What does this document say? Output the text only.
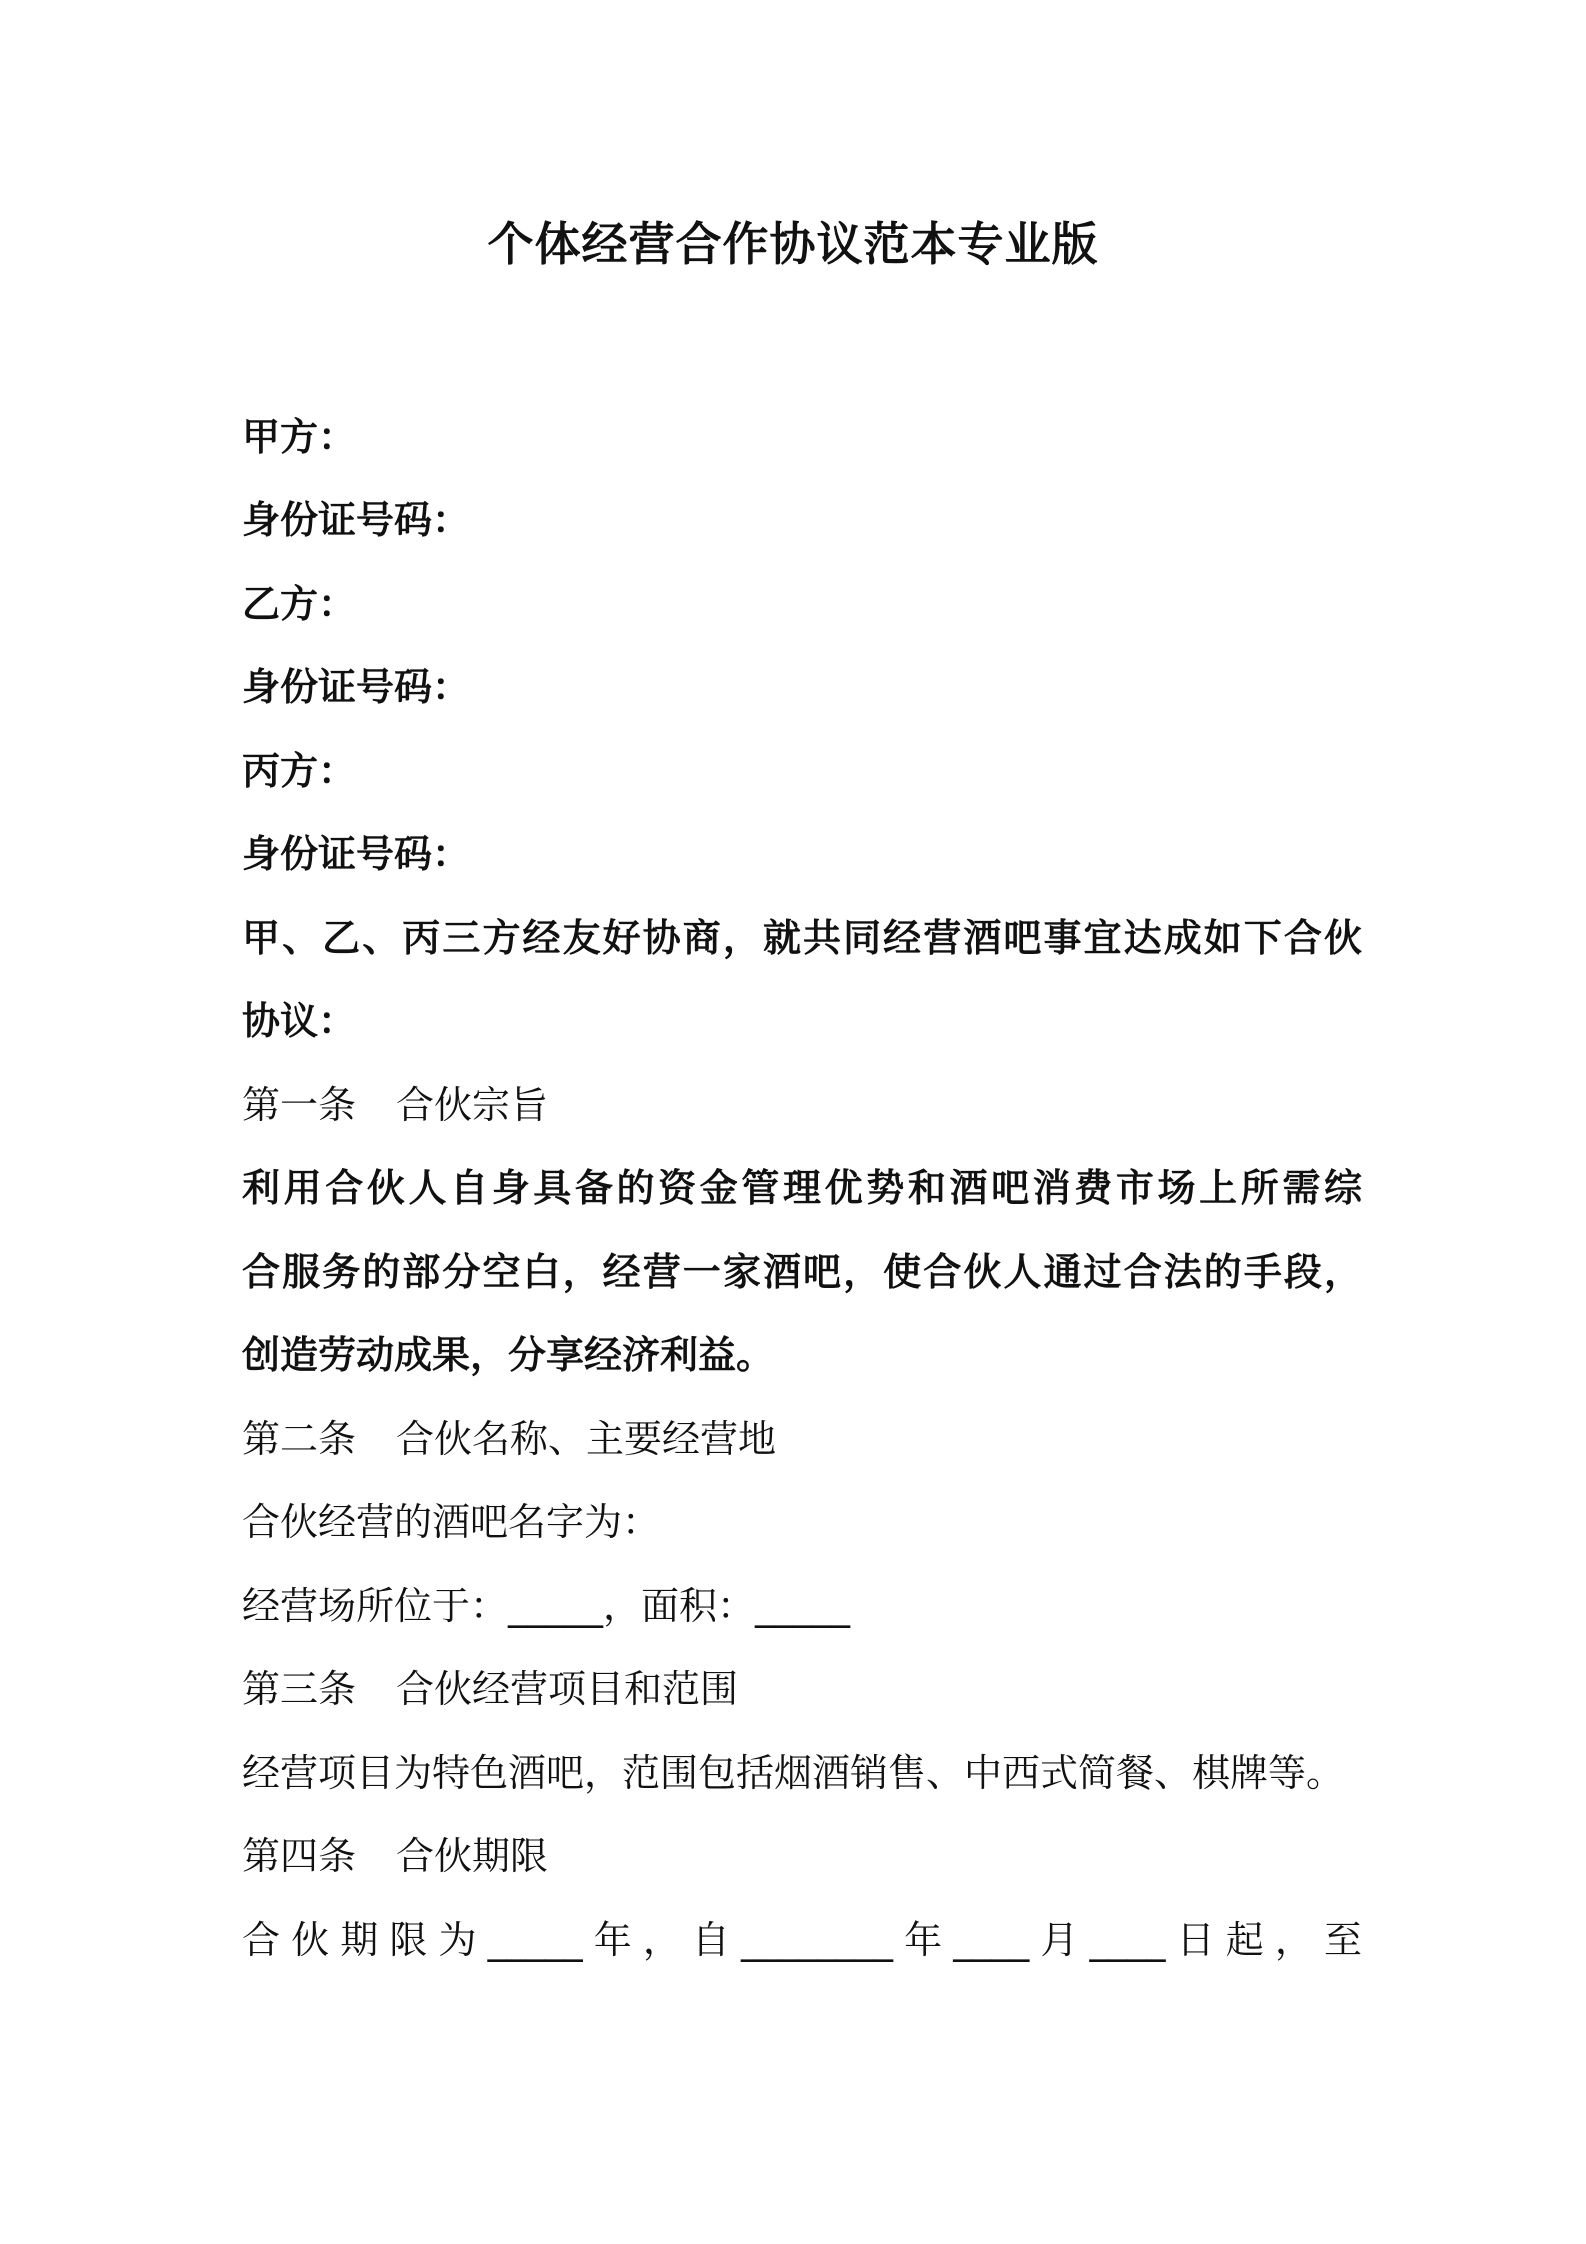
个体经营合作协议范本专业版
甲方：
身份证号码：
乙方：
身份证号码：
丙方：
身份证号码：
甲、乙、丙三方经友好协商，就共同经营酒吧事宜达成如下合伙
协议：
第一条 合伙宗旨
利用合伙人自身具备的资金管理优势和酒吧消费市场上所需综
合服务的部分空白，经营一家酒吧，使合伙人通过合法的手段，
创造劳动成果，分享经济利益。
第二条 合伙名称、主要经营地
合伙经营的酒吧名字为：
经营场所位于：_____，面积：_____
第三条 合伙经营项目和范围
经营项目为特色酒吧，范围包括烟酒销售、中西式简餐、棋牌等。
第四条 合伙期限
合伙期限为_____年，自________年____月____日起，至
